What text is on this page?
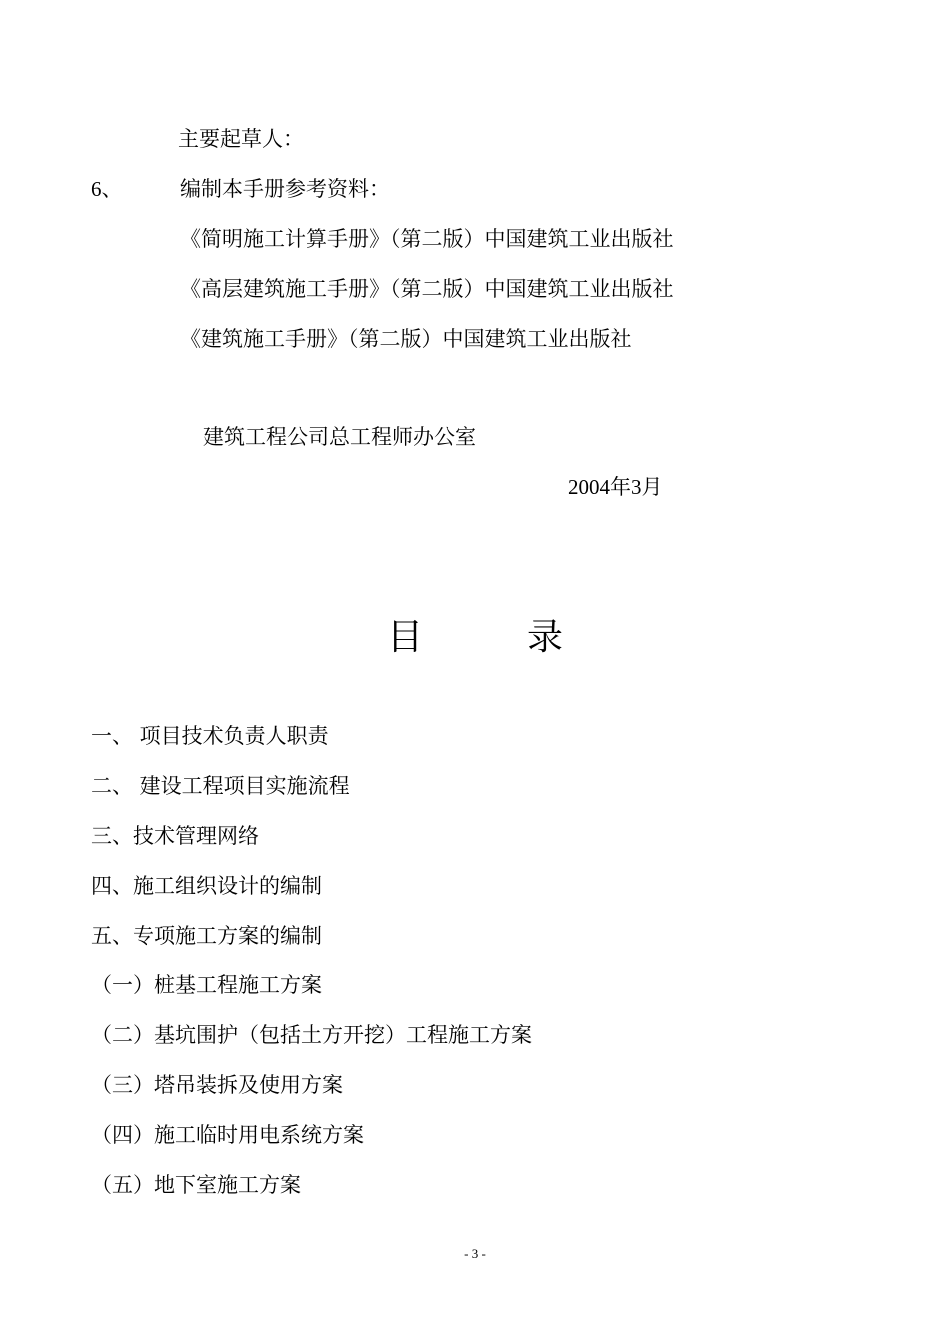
主要起草人：
6、	编制本手册参考资料：
《简明施工计算手册》（第二版）中国建筑工业出版社
《高层建筑施工手册》（第二版）中国建筑工业出版社
《建筑施工手册》（第二版）中国建筑工业出版社
建筑工程公司总工程师办公室
2004年3月
目	录
一、 项目技术负责人职责
二、 建设工程项目实施流程
三、技术管理网络
四、施工组织设计的编制
五、专项施工方案的编制
（一）桩基工程施工方案
（二）基坑围护（包括土方开挖）工程施工方案
（三）塔吊装拆及使用方案
（四）施工临时用电系统方案
（五）地下室施工方案
- 3 -
